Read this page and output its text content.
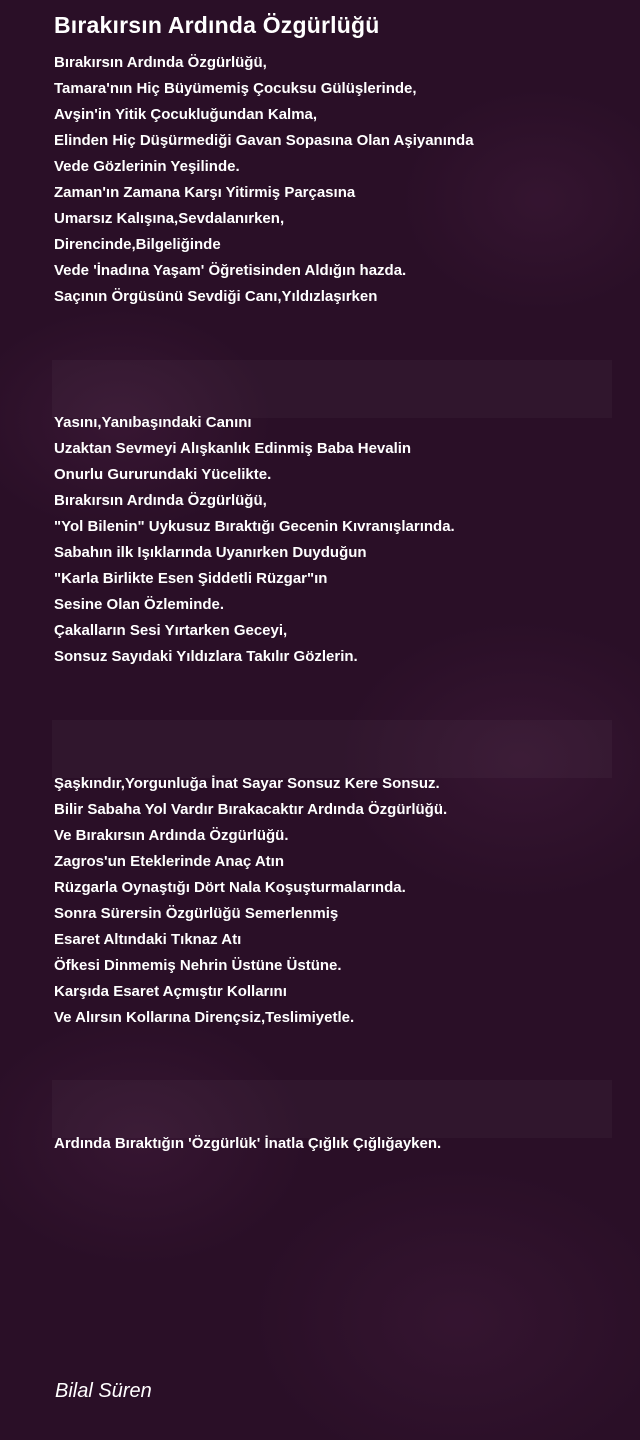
Bırakırsın Ardında Özgürlüğü
Bırakırsın Ardında Özgürlüğü,
Tamara'nın Hiç Büyümemiş Çocuksu Gülüşlerinde,
Avşin'in Yitik Çocukluğundan Kalma,
Elinden Hiç Düşürmediği Gavan Sopasına Olan Aşiyanında
Vede Gözlerinin Yeşilinde.
Zaman'ın Zamana Karşı Yitirmiş Parçasına
Umarsız Kalışına,Sevdalanırken,
Direncinde,Bilgeliğinde
Vede 'İnadına Yaşam' Öğretisinden Aldığın hazda.
Saçının Örgüsünü Sevdiği Canı,Yıldızlaşırken
Yasını,Yanıbaşındaki Canını
Uzaktan Sevmeyi Alışkanlık Edinmiş Baba Hevalin
Onurlu Gururundaki Yücelikte.
Bırakırsın Ardında Özgürlüğü,
"Yol Bilenin" Uykusuz Bıraktığı Gecenin Kıvranışlarında.
Sabahın ilk Işıklarında Uyanırken Duyduğun
"Karla Birlikte Esen Şiddetli Rüzgar"ın
Sesine Olan Özleminde.
Çakalların Sesi Yırtarken Geceyi,
Sonsuz Sayıdaki Yıldızlara Takılır Gözlerin.
Şaşkındır,Yorgunluğa İnat Sayar Sonsuz Kere Sonsuz.
Bilir Sabaha Yol Vardır Bırakacaktır Ardında Özgürlüğü.
Ve Bırakırsın Ardında Özgürlüğü.
Zagros'un Eteklerinde Anaç Atın
Rüzgarla Oynaştığı Dört Nala Koşuşturmalarında.
Sonra Sürersin Özgürlüğü Semerlenmiş
Esaret Altındaki Tıknaz Atı
Öfkesi Dinmemiş Nehrin Üstüne Üstüne.
Karşıda Esaret Açmıştır Kollarını
Ve Alırsın Kollarına Dirençsiz,Teslimiyetle.
Ardında Bıraktığın 'Özgürlük' İnatla Çığlık Çığlığayken.
Bilal Süren
